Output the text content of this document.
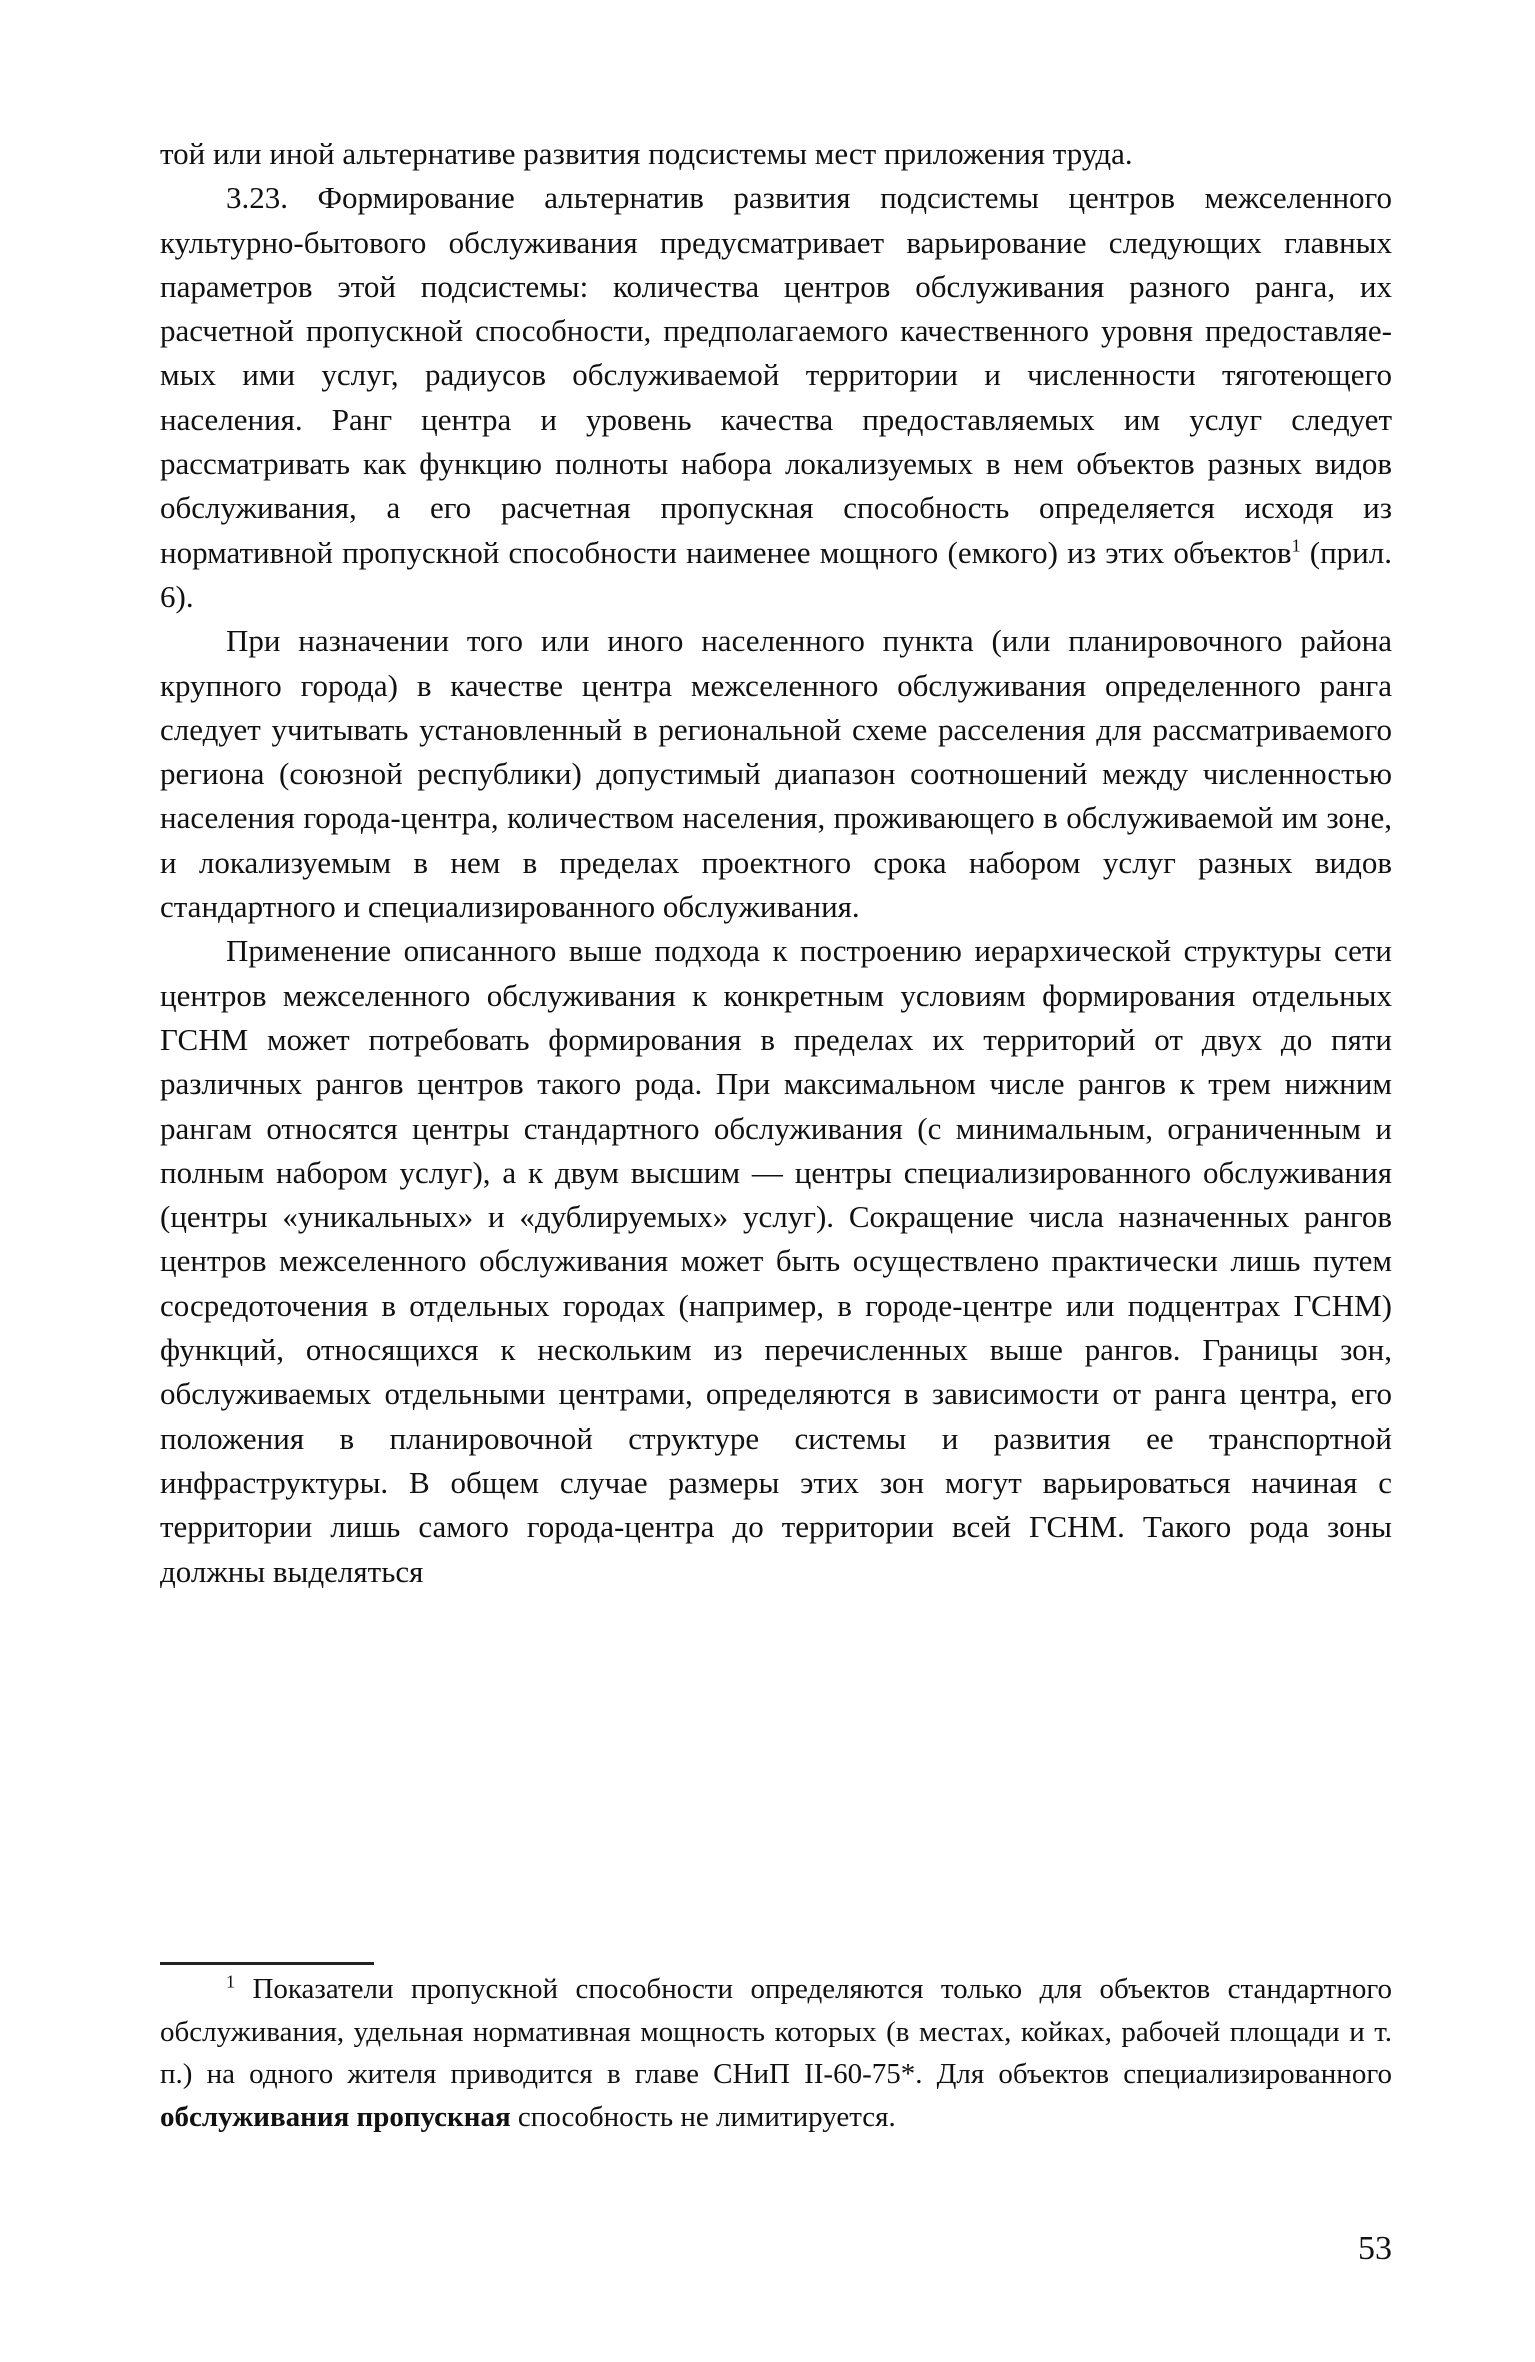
той или иной альтернативе развития подсистемы мест приложения труда.

3.23. Формирование альтернатив развития подсистемы центров межселенного культурно-бытового обслуживания предусматривает варьирование следующих главных параметров этой подсистемы: количества центров обслуживания разного ранга, их расчетной пропускной способности, предполагаемого качественного уровня предоставляемых ими услуг, радиусов обслуживаемой территории и численности тяготеющего населения. Ранг центра и уровень качества предоставляемых им услуг следует рассматривать как функцию полноты набора локализуемых в нем объектов разных видов обслуживания, а его расчетная пропускная способность определяется исходя из нормативной пропускной способности наименее мощного (емкого) из этих объектов$^1$ (прил. 6).

При назначении того или иного населенного пункта (или планировочного района крупного города) в качестве центра межселенного обслуживания определенного ранга следует учитывать установленный в региональной схеме расселения для рассматриваемого региона (союзной республики) допустимый диапазон соотношений между численностью населения города-центра, количеством населения, проживающего в обслуживаемой им зоне, и локализуемым в нем в пределах проектного срока набором услуг разных видов стандартного и специализированного обслуживания.

Применение описанного выше подхода к построению иерархической структуры сети центров межселенного обслуживания к конкретным условиям формирования отдельных ГСНМ может потребовать формирования в пределах их территорий от двух до пяти различных рангов центров такого рода. При максимальном числе рангов к трем нижним рангам относятся центры стандартного обслуживания (с минимальным, ограниченным и полным набором услуг), а к двум высшим — центры специализированного обслуживания (центры «уникальных» и «дублируемых» услуг). Сокращение числа назначенных рангов центров межселенного обслуживания может быть осуществлено практически лишь путем сосредоточения в отдельных городах (например, в городе-центре или подцентрах ГСНМ) функций, относящихся к нескольким из перечисленных выше рангов. Границы зон, обслуживаемых отдельными центрами, определяются в зависимости от ранга центра, его положения в планировочной структуре системы и развития ее транспортной инфраструктуры. В общем случае размеры этих зон могут варьироваться начиная с территории лишь самого города-центра до территории всей ГСНМ. Такого рода зоны должны выделяться

$^1$ Показатели пропускной способности определяются только для объектов стандартного обслуживания, удельная нормативная мощность которых (в местах, койках, рабочей площади и т. п.) на одного жителя приводится в главе СНиП II-60-75*. Для объектов специализированного обслуживания пропускная способность не лимитируется.

53
